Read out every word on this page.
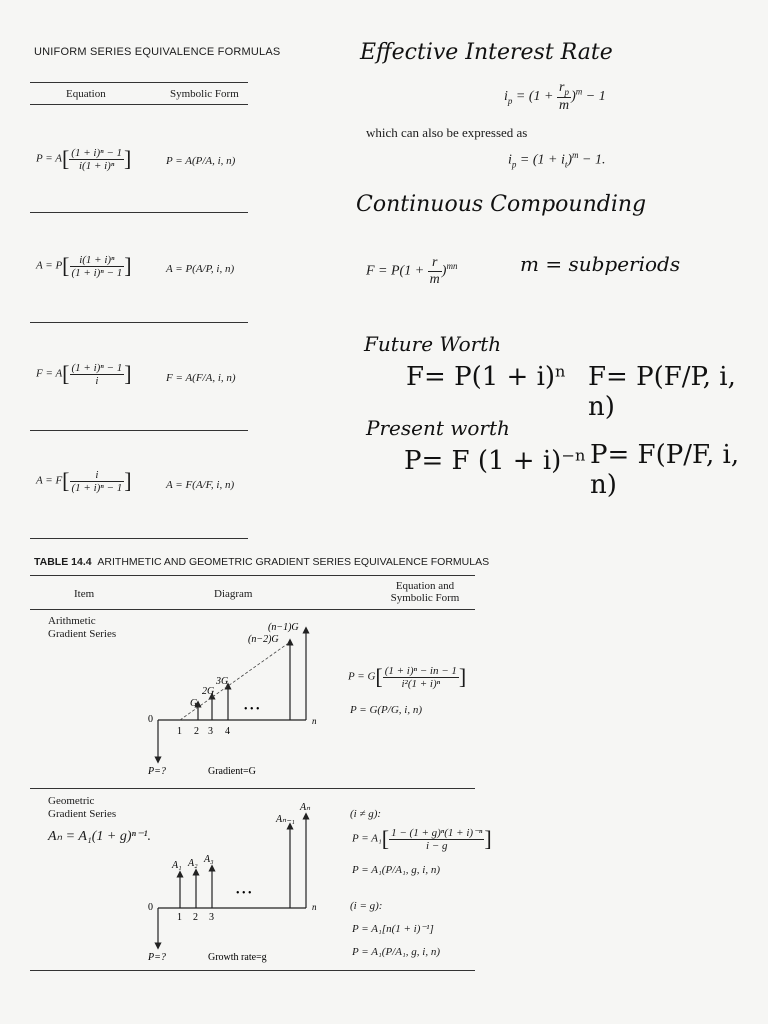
UNIFORM SERIES EQUIVALENCE FORMULAS
Equation	Symbolic Form
$P = A[ \frac{\text{(1 + i)ⁿ − 1}}{\text{i(1 + i)ⁿ}}$ ]	P = A(P/A, i, n)
$A = P[ \frac{\text{i(1 + i)ⁿ}}{\text{(1 + i)ⁿ − 1}}$ ]	A = P(A/P, i, n)
$F = A[ \frac{\text{(1 + i)ⁿ − 1}}{i}$ ]	F = A(F/A, i, n)
$A = F[ \frac{i}{\text{(1 + i)ⁿ − 1}}$ ]	A = F(A/F, i, n)
Effective Interest Rate
$i_p = (1 + \frac{r_p}{m} )^m - 1$
which can also be expressed as
$i_p = (1 + i_t)^m - 1$.
Continuous Compounding
$F = P(1 + \frac{r}{m} )^{mn}$	m = subperiods
Future Worth
F= P(1 + i)ⁿ F= P(F/P, i, n)
Present worth
P= F (1 + i)⁻ⁿ P= F(P/F, i, n)
TABLE 14.4 ARITHMETIC AND GEOMETRIC GRADIENT SERIES EQUIVALENCE FORMULAS
Item	Diagram
Equation and
Symbolic Form
Arithmetic
Gradient Series
(n−1)G
(n−2)G
3G
2G
G
0
1 2 3 4
n
• • •
P=?	Gradient=G
$P = G[ \frac{\text{(1 + i)ⁿ − in − 1}}{\text{i²(1 + i)ⁿ}}$ ]
P = G(P/G, i, n)
Geometric
Gradient Series
Aₙ = A₁(1 + g)ⁿ⁻¹.
Aₙ
Aₙ₋₁
A₁ A₂ A₃
0
1 2 3
n
• • •
P=?	Growth rate=g
(i ≠ g):
$P = A_1[ \frac{\text{1 − (1 + g)ⁿ(1 + i)⁻ⁿ}}{i - g}$ ]
P = A₁(P/A₁, g, i, n)
(i = g):
P = A₁[n(1 + i)⁻¹]
P = A₁(P/A₁, g, i, n)
